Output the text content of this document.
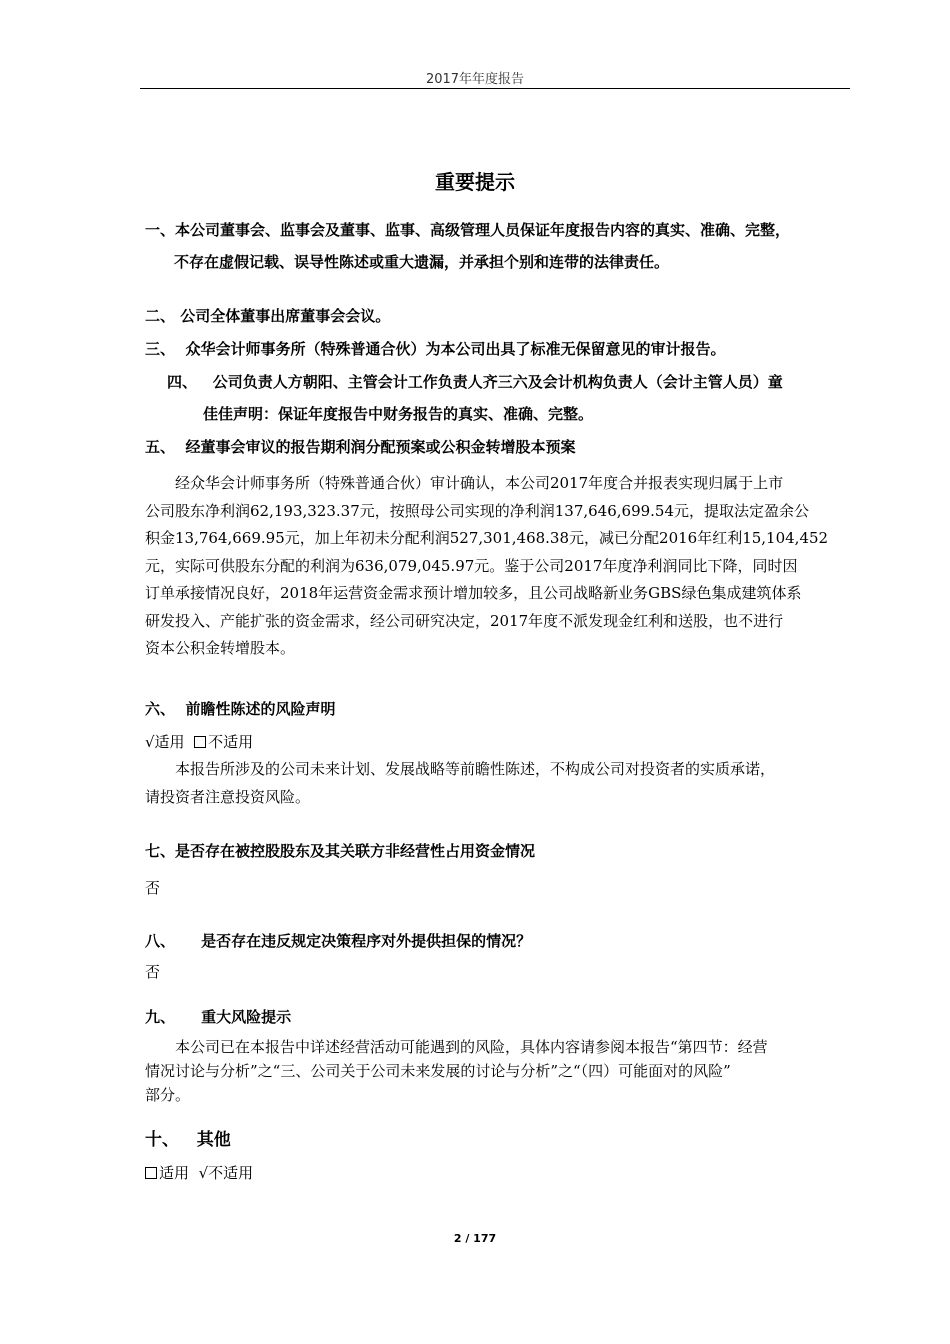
2017年年度报告
重要提示
一、本公司董事会、监事会及董事、监事、高级管理人员保证年度报告内容的真实、准确、完整，
不存在虚假记载、误导性陈述或重大遗漏，并承担个别和连带的法律责任。
二、 公司全体董事出席董事会会议。
三、 众华会计师事务所（特殊普通合伙）为本公司出具了标准无保留意见的审计报告。
四、 公司负责人方朝阳、主管会计工作负责人齐三六及会计机构负责人（会计主管人员）童
佳佳声明：保证年度报告中财务报告的真实、准确、完整。
五、 经董事会审议的报告期利润分配预案或公积金转增股本预案
经众华会计师事务所（特殊普通合伙）审计确认，本公司2017年度合并报表实现归属于上市
公司股东净利润62,193,323.37元，按照母公司实现的净利润137,646,699.54元，提取法定盈余公
积金13,764,669.95元，加上年初未分配利润527,301,468.38元，减已分配2016年红利15,104,452
元，实际可供股东分配的利润为636,079,045.97元。鉴于公司2017年度净利润同比下降，同时因
订单承接情况良好，2018年运营资金需求预计增加较多，且公司战略新业务GBS绿色集成建筑体系
研发投入、产能扩张的资金需求，经公司研究决定，2017年度不派发现金红利和送股，也不进行
资本公积金转增股本。
六、 前瞻性陈述的风险声明
√适用 不适用
本报告所涉及的公司未来计划、发展战略等前瞻性陈述，不构成公司对投资者的实质承诺，
请投资者注意投资风险。
七、是否存在被控股股东及其关联方非经营性占用资金情况
否
八、 是否存在违反规定决策程序对外提供担保的情况？
否
九、 重大风险提示
本公司已在本报告中详述经营活动可能遇到的风险，具体内容请参阅本报告“第四节：经营
情况讨论与分析”之“三、公司关于公司未来发展的讨论与分析”之“（四）可能面对的风险”
部分。
十、 其他
适用 √不适用
2 / 177
